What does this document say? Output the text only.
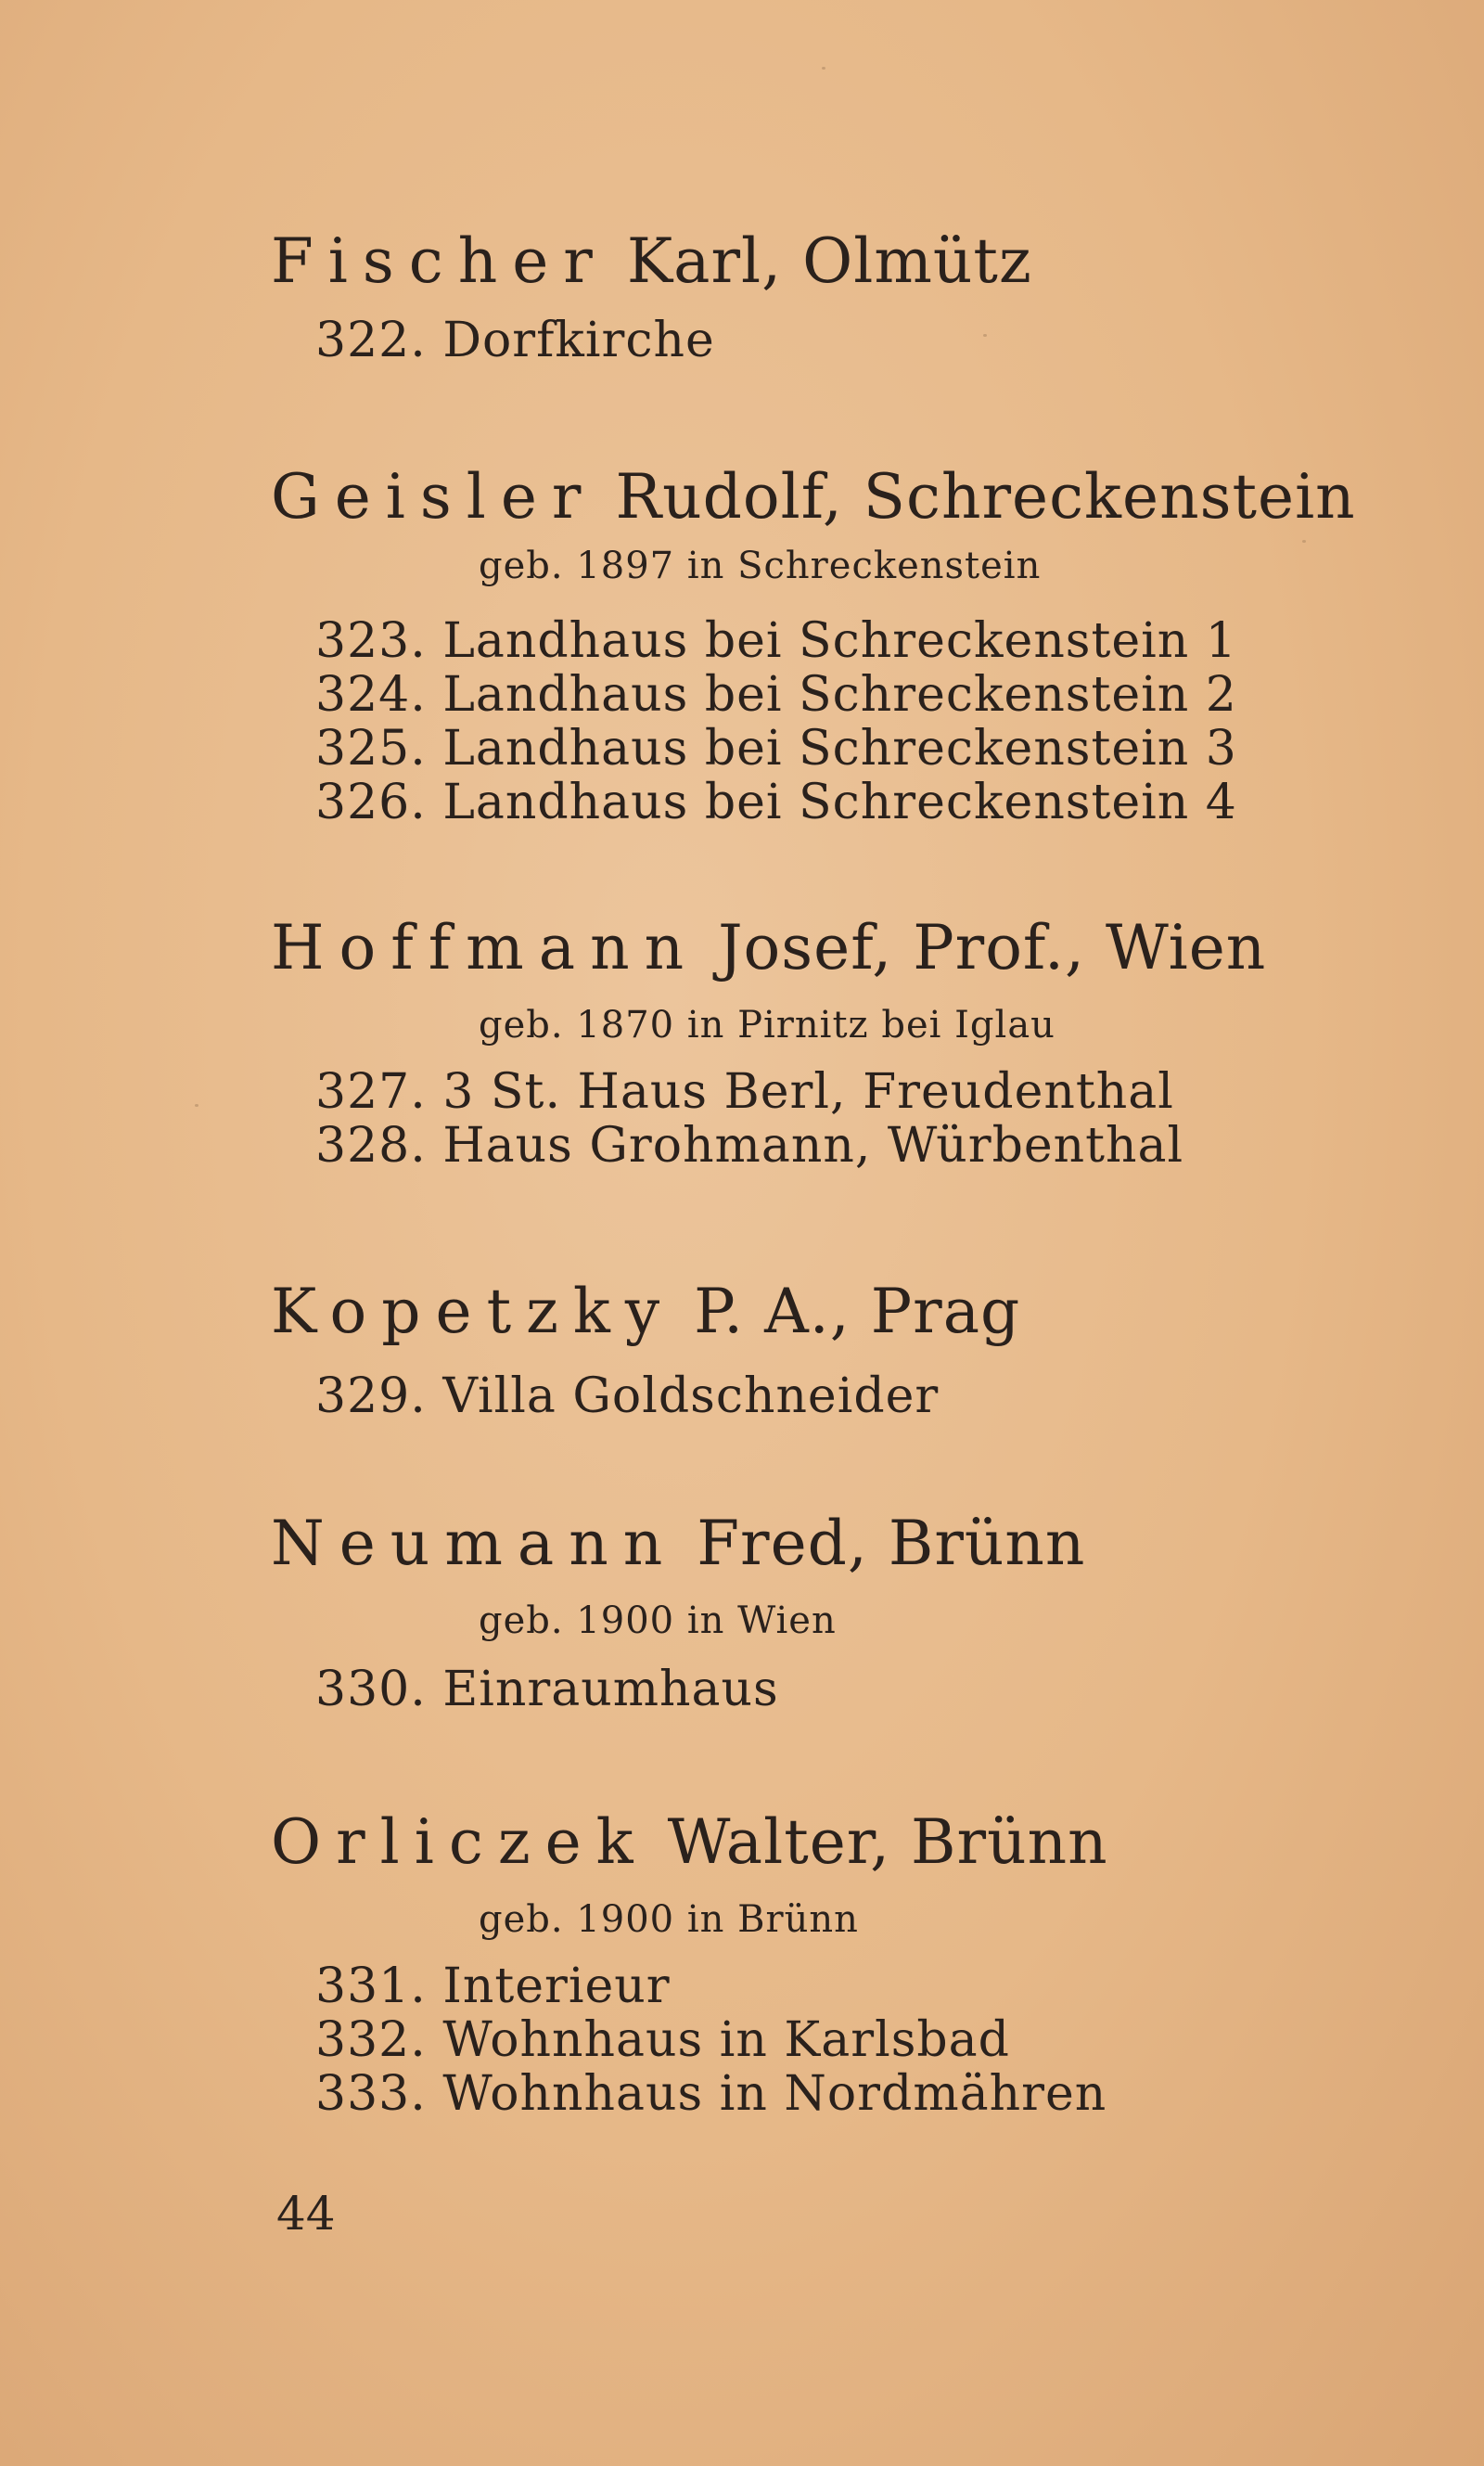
Fischer Karl, Olmütz
322. Dorfkirche
Geisler Rudolf, Schreckenstein
geb. 1897 in Schreckenstein
323. Landhaus bei Schreckenstein 1
324. Landhaus bei Schreckenstein 2
325. Landhaus bei Schreckenstein 3
326. Landhaus bei Schreckenstein 4
Hoffmann Josef, Prof., Wien
geb. 1870 in Pirnitz bei Iglau
327. 3 St. Haus Berl, Freudenthal
328. Haus Grohmann, Würbenthal
Kopetzky P. A., Prag
329. Villa Goldschneider
Neumann Fred, Brünn
geb. 1900 in Wien
330. Einraumhaus
Orliczek Walter, Brünn
geb. 1900 in Brünn
331. Interieur
332. Wohnhaus in Karlsbad
333. Wohnhaus in Nordmähren
44
